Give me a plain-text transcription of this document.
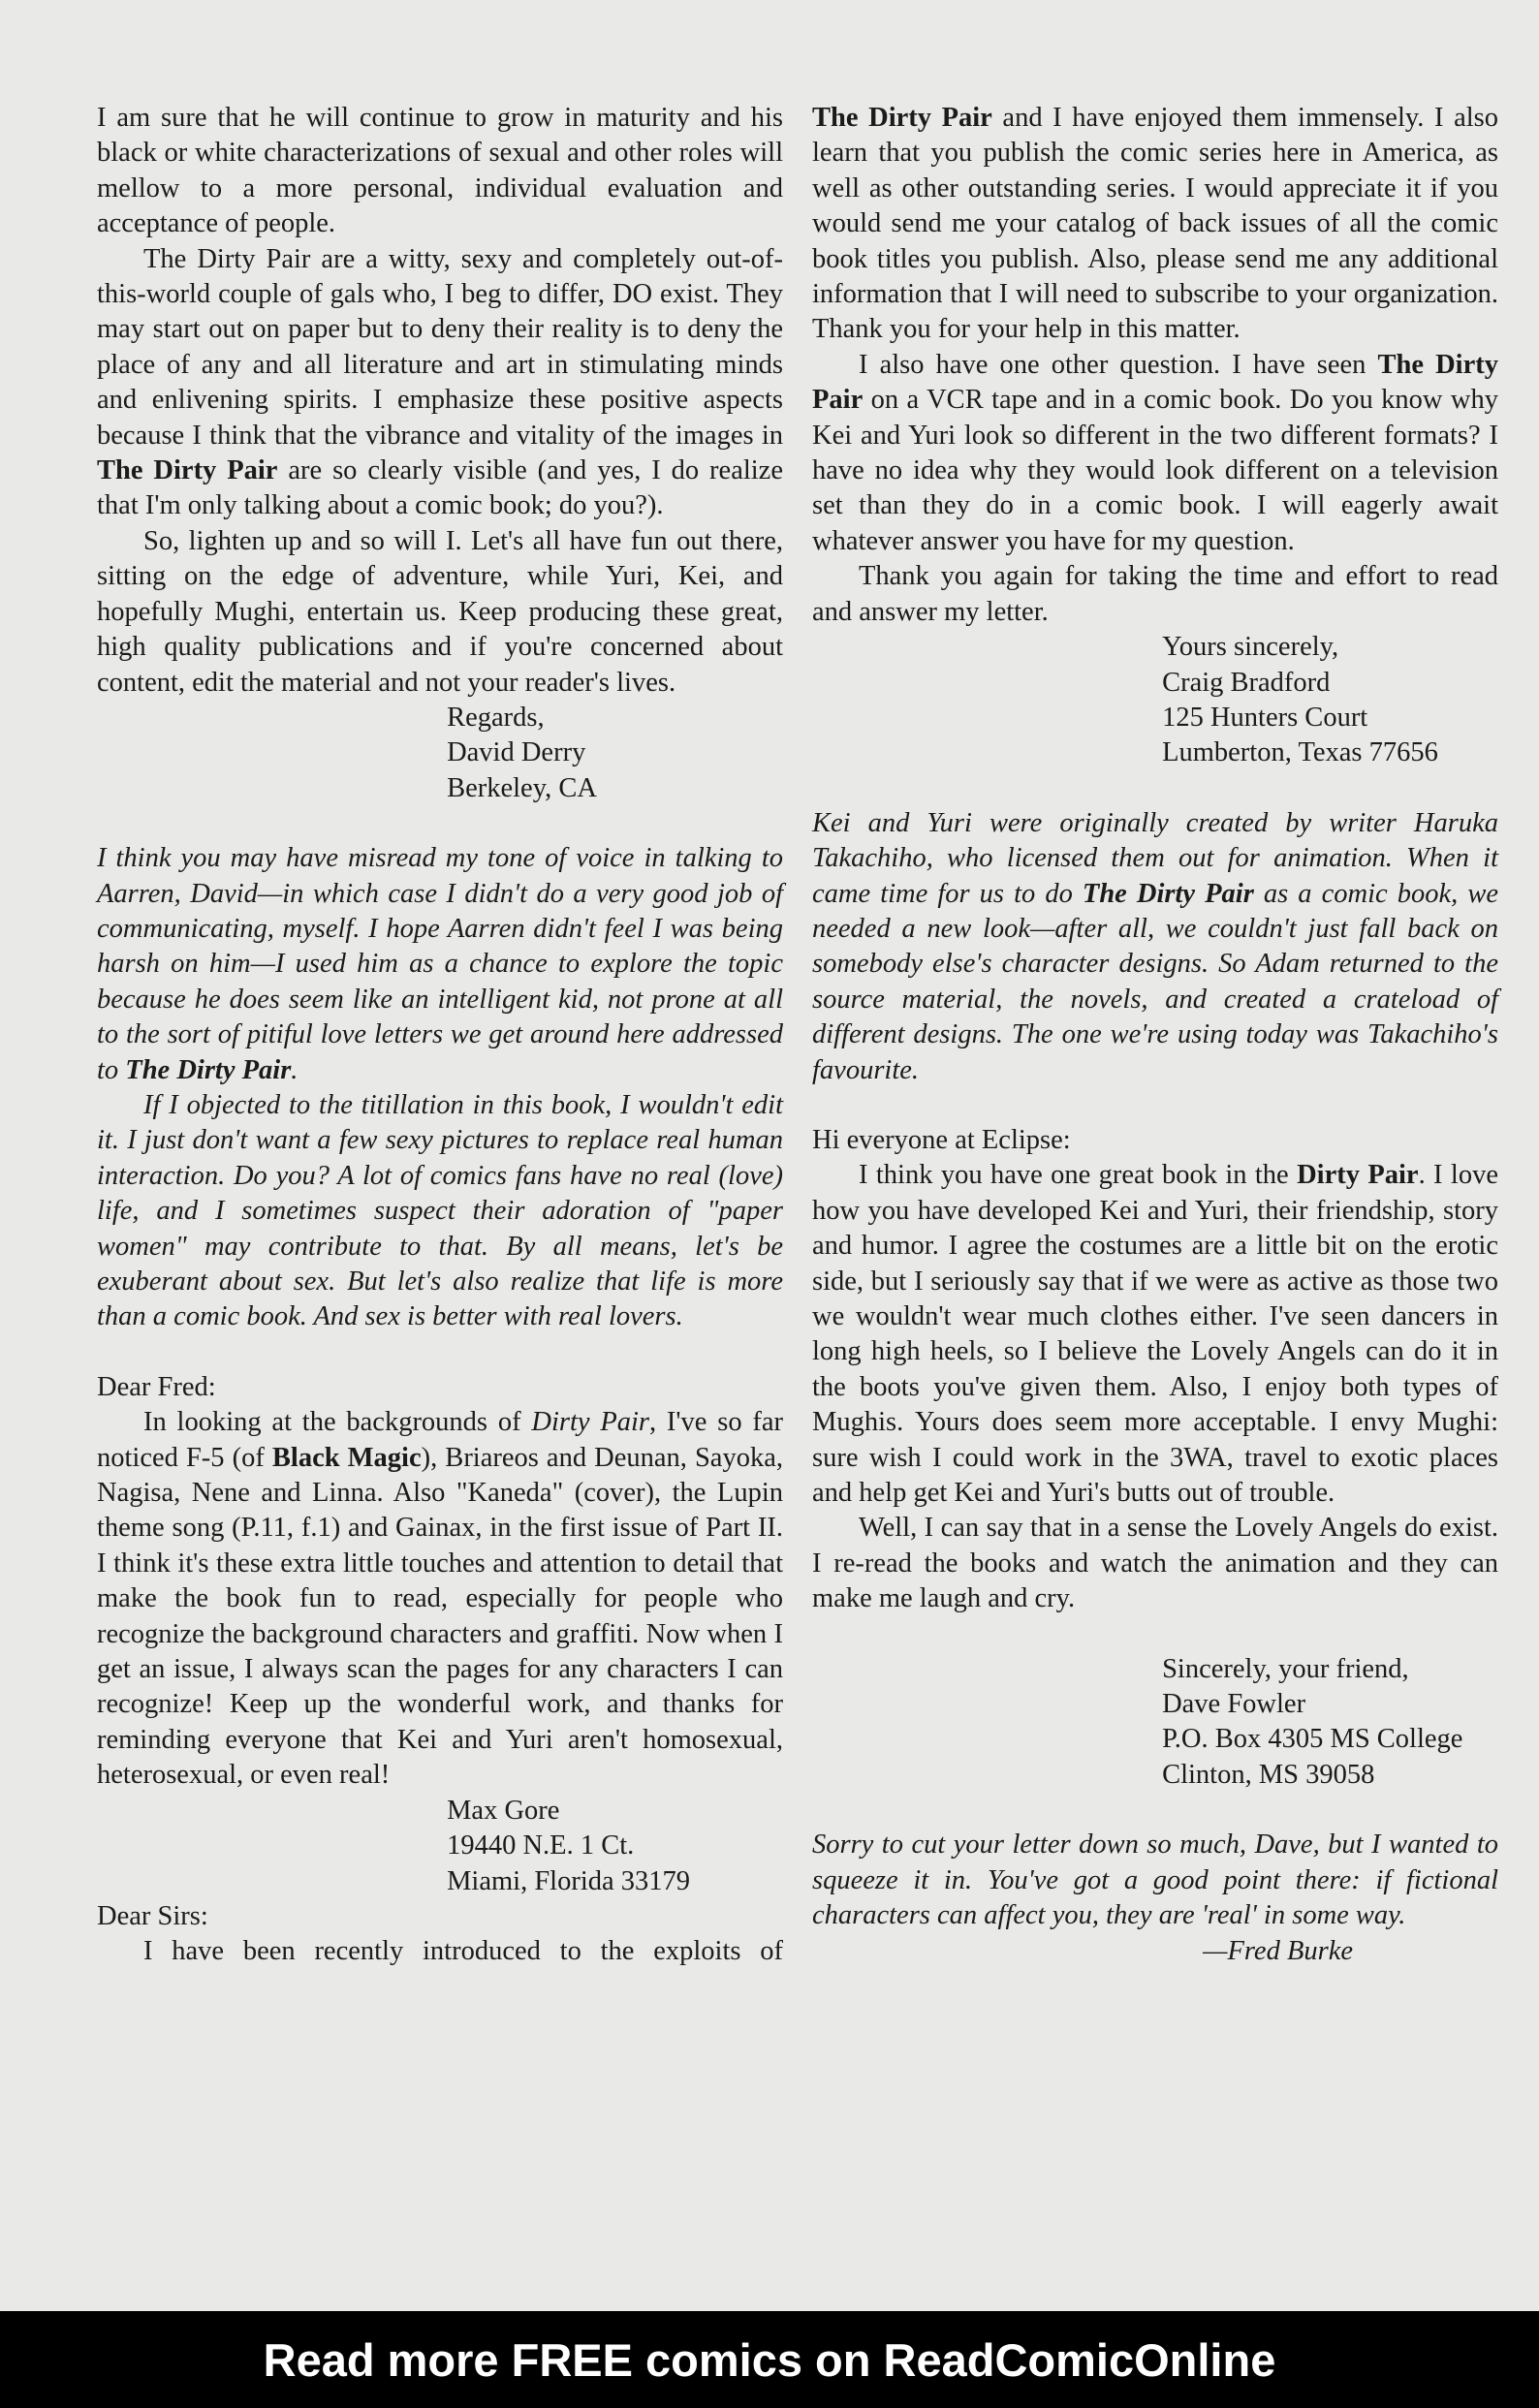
I am sure that he will continue to grow in maturity and his black or white characterizations of sexual and other roles will mellow to a more personal, individual evaluation and acceptance of people.

The Dirty Pair are a witty, sexy and completely out-of-this-world couple of gals who, I beg to differ, DO exist. They may start out on paper but to deny their reality is to deny the place of any and all literature and art in stimulating minds and enlivening spirits. I emphasize these positive aspects because I think that the vibrance and vitality of the images in The Dirty Pair are so clearly visible (and yes, I do realize that I'm only talking about a comic book; do you?).

So, lighten up and so will I. Let's all have fun out there, sitting on the edge of adventure, while Yuri, Kei, and hopefully Mughi, entertain us. Keep producing these great, high quality publications and if you're concerned about content, edit the material and not your reader's lives.

Regards,
David Derry
Berkeley, CA

I think you may have misread my tone of voice in talking to Aarren, David—in which case I didn't do a very good job of communicating, myself. I hope Aarren didn't feel I was being harsh on him—I used him as a chance to explore the topic because he does seem like an intelligent kid, not prone at all to the sort of pitiful love letters we get around here addressed to The Dirty Pair.

If I objected to the titillation in this book, I wouldn't edit it. I just don't want a few sexy pictures to replace real human interaction. Do you? A lot of comics fans have no real (love) life, and I sometimes suspect their adoration of "paper women" may contribute to that. By all means, let's be exuberant about sex. But let's also realize that life is more than a comic book. And sex is better with real lovers.

Dear Fred:

In looking at the backgrounds of Dirty Pair, I've so far noticed F-5 (of Black Magic), Briareos and Deunan, Sayoka, Nagisa, Nene and Linna. Also "Kaneda" (cover), the Lupin theme song (P.11, f.1) and Gainax, in the first issue of Part II. I think it's these extra little touches and attention to detail that make the book fun to read, especially for people who recognize the background characters and graffiti. Now when I get an issue, I always scan the pages for any characters I can recognize! Keep up the wonderful work, and thanks for reminding everyone that Kei and Yuri aren't homosexual, heterosexual, or even real!

Max Gore
19440 N.E. 1 Ct.
Miami, Florida 33179

Dear Sirs:

I have been recently introduced to the exploits of

The Dirty Pair and I have enjoyed them immensely. I also learn that you publish the comic series here in America, as well as other outstanding series. I would appreciate it if you would send me your catalog of back issues of all the comic book titles you publish. Also, please send me any additional information that I will need to subscribe to your organization. Thank you for your help in this matter.

I also have one other question. I have seen The Dirty Pair on a VCR tape and in a comic book. Do you know why Kei and Yuri look so different in the two different formats? I have no idea why they would look different on a television set than they do in a comic book. I will eagerly await whatever answer you have for my question.

Thank you again for taking the time and effort to read and answer my letter.

Yours sincerely,
Craig Bradford
125 Hunters Court
Lumberton, Texas 77656

Kei and Yuri were originally created by writer Haruka Takachiho, who licensed them out for animation. When it came time for us to do The Dirty Pair as a comic book, we needed a new look—after all, we couldn't just fall back on somebody else's character designs. So Adam returned to the source material, the novels, and created a crateload of different designs. The one we're using today was Takachiho's favourite.

Hi everyone at Eclipse:

I think you have one great book in the Dirty Pair. I love how you have developed Kei and Yuri, their friendship, story and humor. I agree the costumes are a little bit on the erotic side, but I seriously say that if we were as active as those two we wouldn't wear much clothes either. I've seen dancers in long high heels, so I believe the Lovely Angels can do it in the boots you've given them. Also, I enjoy both types of Mughis. Yours does seem more acceptable. I envy Mughi: sure wish I could work in the 3WA, travel to exotic places and help get Kei and Yuri's butts out of trouble.

Well, I can say that in a sense the Lovely Angels do exist. I re-read the books and watch the animation and they can make me laugh and cry.

Sincerely, your friend,
Dave Fowler
P.O. Box 4305 MS College
Clinton, MS 39058

Sorry to cut your letter down so much, Dave, but I wanted to squeeze it in. You've got a good point there: if fictional characters can affect you, they are 'real' in some way.

—Fred Burke

Read more FREE comics on ReadComicOnline
